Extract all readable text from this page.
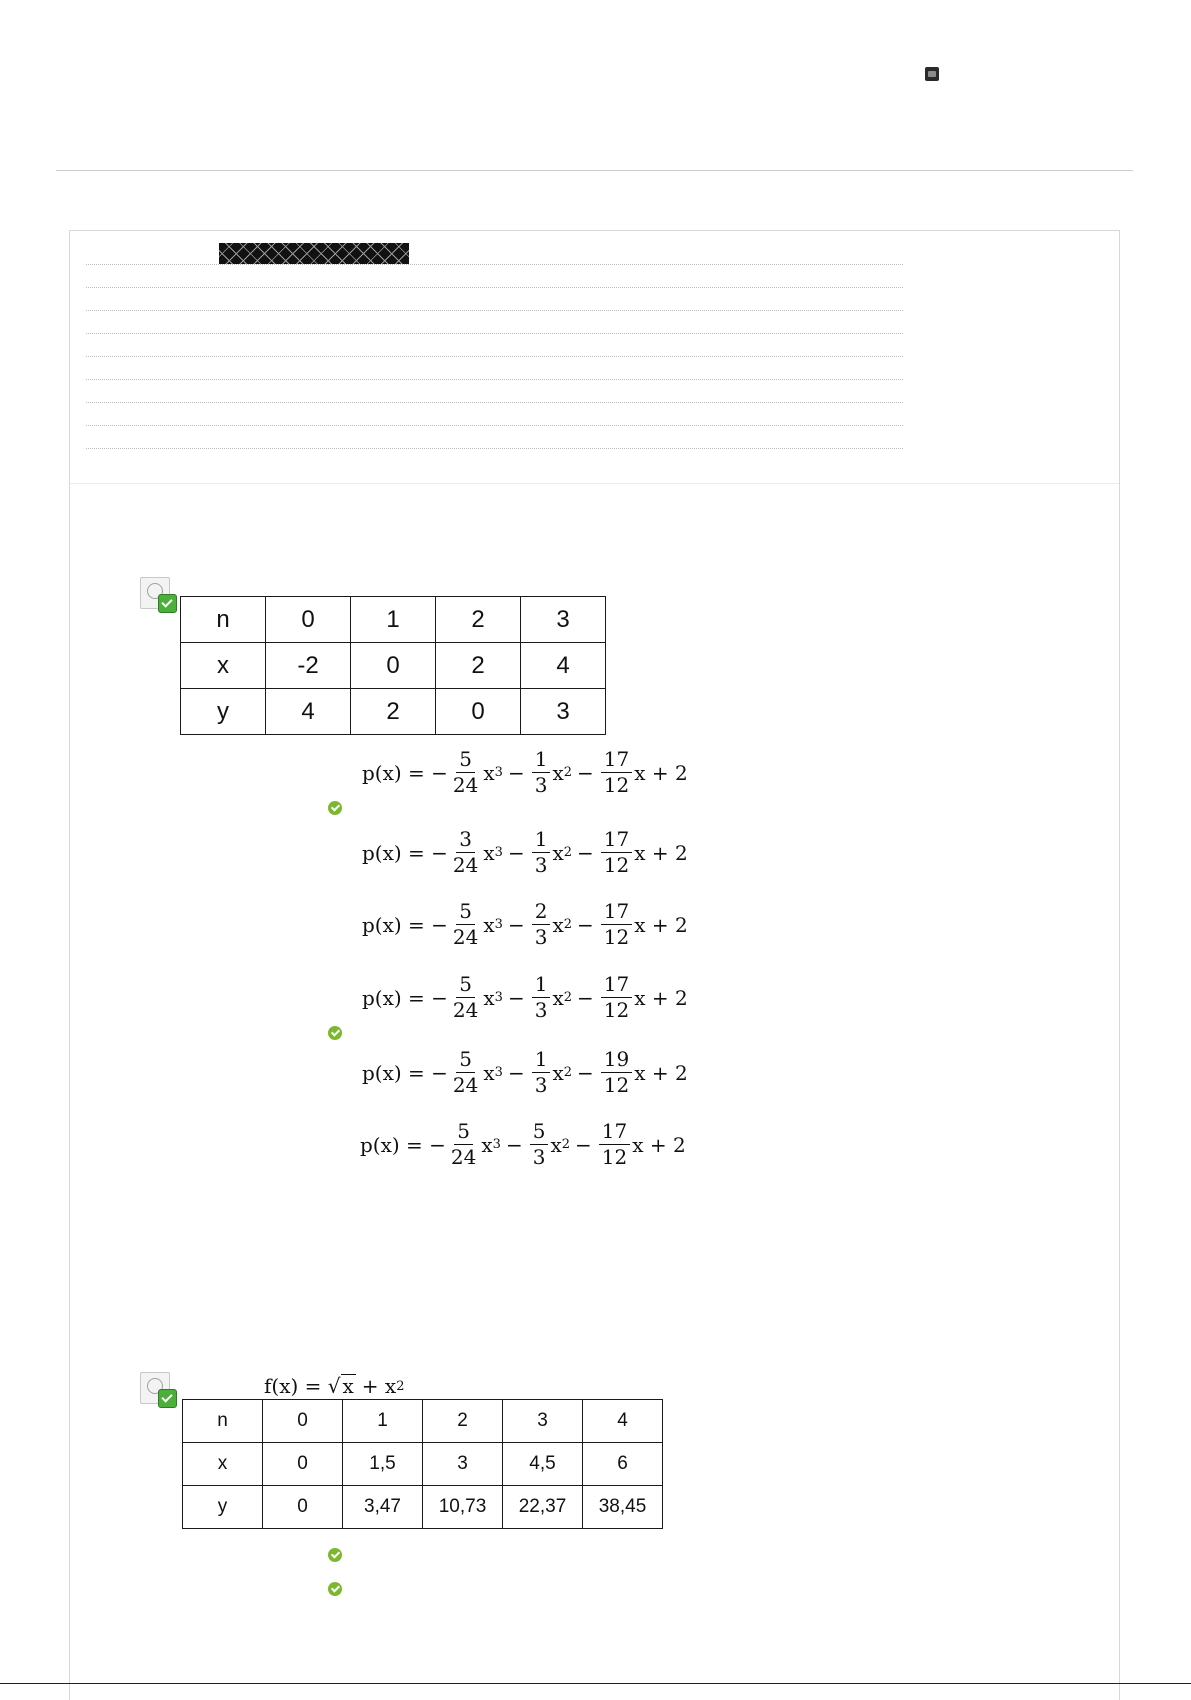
n	0	1	2	3
x	-2	0	2	4
y	4	2	0	3
p(x) = − $\frac{5}{24}$ x $3 - \frac{1}{3}$ x $2 - \frac{17}{12}$ x + 2
p(x) = − $\frac{3}{24}$ x $3 - \frac{1}{3}$ x $2 - \frac{17}{12}$ x + 2
p(x) = − $\frac{5}{24}$ x $3 - \frac{2}{3}$ x $2 - \frac{17}{12}$ x + 2
p(x) = − $\frac{5}{24}$ x $3 - \frac{1}{3}$ x $2 - \frac{17}{12}$ x + 2
p(x) = − $\frac{5}{24}$ x $3 - \frac{1}{3}$ x $2 - \frac{19}{12}$ x + 2
p(x) = − $\frac{5}{24}$ x $3 - \frac{5}{3}$ x $2 - \frac{17}{12}$ x + 2
f(x) = √ x + x 2
n	0	1	2	3	4
x	0	1,5	3	4,5	6
y	0	3,47	10,73	22,37	38,45
